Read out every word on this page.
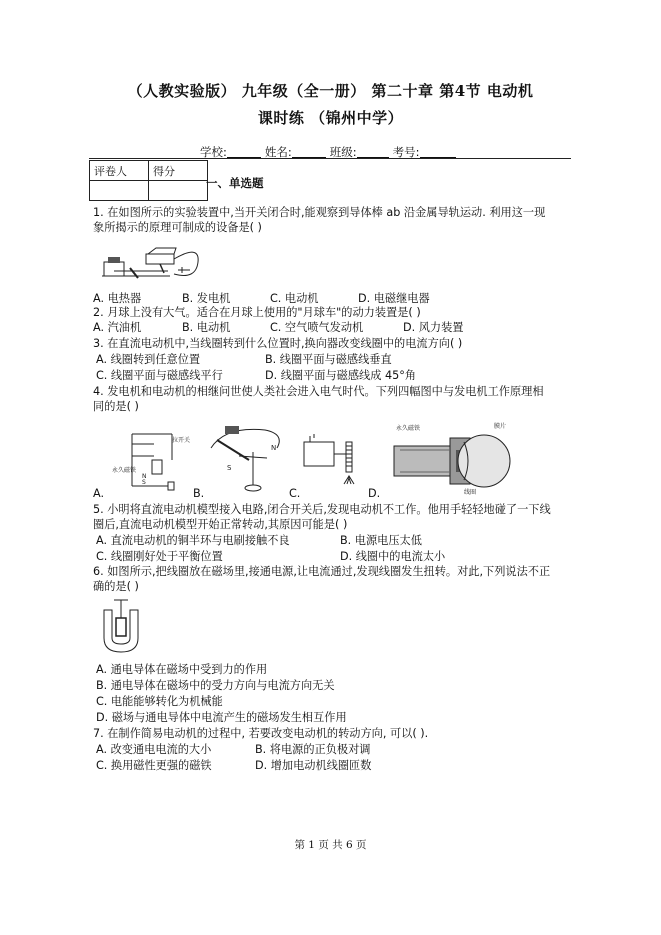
（人教实验版） 九年级（全一册） 第二十章 第4节 电动机
课时练 （锦州中学）
学校:	姓名:	班级:	考号:
评卷人	得分

一、单选题
1. 在如图所示的实验装置中,当开关闭合时,能观察到导体棒 ab 沿金属导轨运动. 利用这一现
象所揭示的原理可制成的设备是( )
A. 电热器	B. 发电机	C. 电动机	D. 电磁继电器
2. 月球上没有大气。适合在月球上使用的"月球车"的动力装置是( )
A. 汽油机	B. 电动机	C. 空气喷气发动机	D. 风力装置
3. 在直流电动机中,当线圈转到什么位置时,换向器改变线圈中的电流方向( )
A. 线圈转到任意位置	B. 线圈平面与磁感线垂直
C. 线圈平面与磁感线平行	D. 线圈平面与磁感线成 45°角
4. 发电机和电动机的相继问世使人类社会进入电气时代。下列四幅图中与发电机工作原理相
同的是( )
拉开关
永久磁铁
N
S
N
S
永久磁铁	膜片
线圈
A.	B.	C.	D.
5. 小明将直流电动机模型接入电路,闭合开关后,发现电动机不工作。他用手轻轻地碰了一下线
圈后,直流电动机模型开始正常转动,其原因可能是( )
A. 直流电动机的铜半环与电刷接触不良	B. 电源电压太低
C. 线圈刚好处于平衡位置	D. 线圈中的电流太小
6. 如图所示,把线圈放在磁场里,接通电源,让电流通过,发现线圈发生扭转。对此,下列说法不正
确的是( )
A. 通电导体在磁场中受到力的作用
B. 通电导体在磁场中的受力方向与电流方向无关
C. 电能能够转化为机械能
D. 磁场与通电导体中电流产生的磁场发生相互作用
7. 在制作简易电动机的过程中, 若要改变电动机的转动方向, 可以( ).
A. 改变通电电流的大小	B. 将电源的正负极对调
C. 换用磁性更强的磁铁	D. 增加电动机线圈匝数
第 1 页 共 6 页
